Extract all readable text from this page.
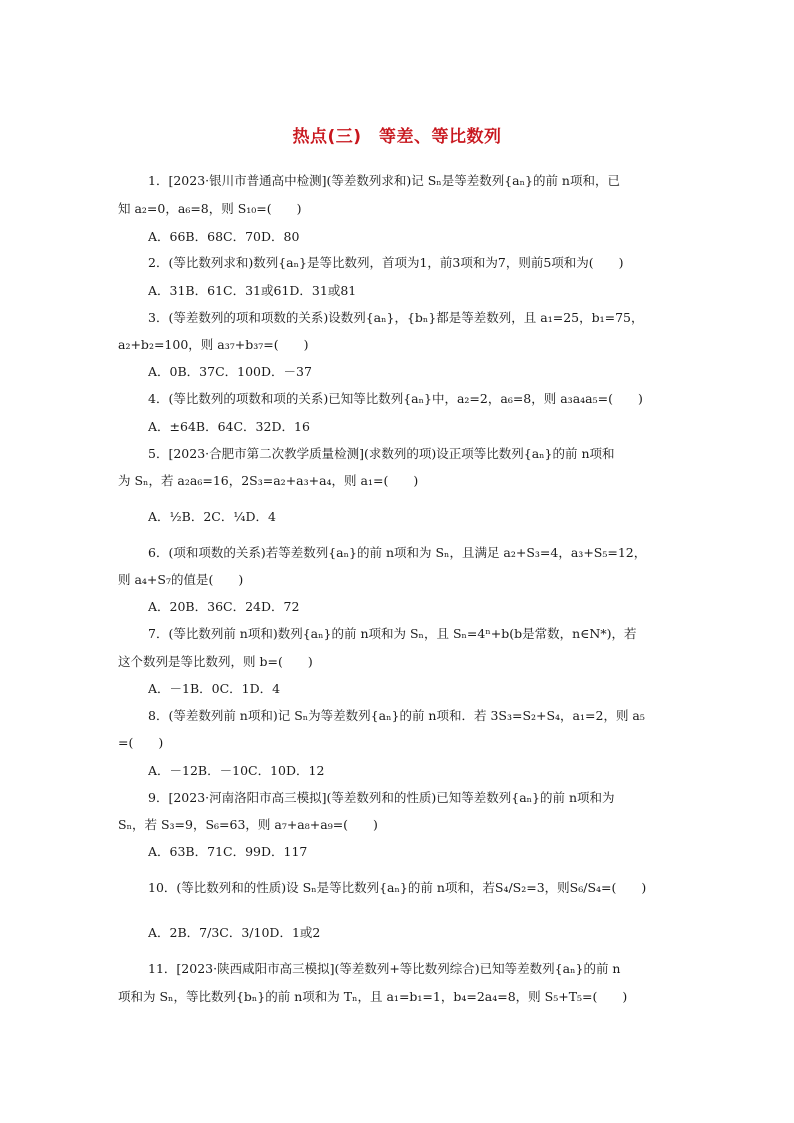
热点(三)　等差、等比数列
1．[2023·银川市普通高中检测](等差数列求和)记 Sₙ是等差数列{aₙ}的前 n项和，已
知 a₂=0，a₆=8，则 S₁₀=(　　)
A．66B．68C．70D．80
2．(等比数列求和)数列{aₙ}是等比数列，首项为1，前3项和为7，则前5项和为(　　)
A．31B．61C．31或61D．31或81
3．(等差数列的项和项数的关系)设数列{aₙ}，{bₙ}都是等差数列，且 a₁=25，b₁=75，
a₂+b₂=100，则 a₃₇+b₃₇=(　　)
A．0B．37C．100D．－37
4．(等比数列的项数和项的关系)已知等比数列{aₙ}中，a₂=2，a₆=8，则 a₃a₄a₅=(　　)
A．±64B．64C．32D．16
5．[2023·合肥市第二次教学质量检测](求数列的项)设正项等比数列{aₙ}的前 n项和
为 Sₙ，若 a₂a₆=16，2S₃=a₂+a₃+a₄，则 a₁=(　　)
A．½B．2C．¼D．4
6．(项和项数的关系)若等差数列{aₙ}的前 n项和为 Sₙ，且满足 a₂+S₃=4，a₃+S₅=12，
则 a₄+S₇的值是(　　)
A．20B．36C．24D．72
7．(等比数列前 n项和)数列{aₙ}的前 n项和为 Sₙ，且 Sₙ=4ⁿ+b(b是常数，n∈N*)，若
这个数列是等比数列，则 b=(　　)
A．－1B．0C．1D．4
8．(等差数列前 n项和)记 Sₙ为等差数列{aₙ}的前 n项和．若 3S₃=S₂+S₄，a₁=2，则 a₅
=(　　)
A．－12B．－10C．10D．12
9．[2023·河南洛阳市高三模拟](等差数列和的性质)已知等差数列{aₙ}的前 n项和为
Sₙ，若 S₃=9，S₆=63，则 a₇+a₈+a₉=(　　)
A．63B．71C．99D．117
10．(等比数列和的性质)设 Sₙ是等比数列{aₙ}的前 n项和，若S₄/S₂=3，则S₆/S₄=(　　)
A．2B．7/3C．3/10D．1或2
11．[2023·陕西咸阳市高三模拟](等差数列+等比数列综合)已知等差数列{aₙ}的前 n
项和为 Sₙ，等比数列{bₙ}的前 n项和为 Tₙ，且 a₁=b₁=1，b₄=2a₄=8，则 S₅+T₅=(　　)
